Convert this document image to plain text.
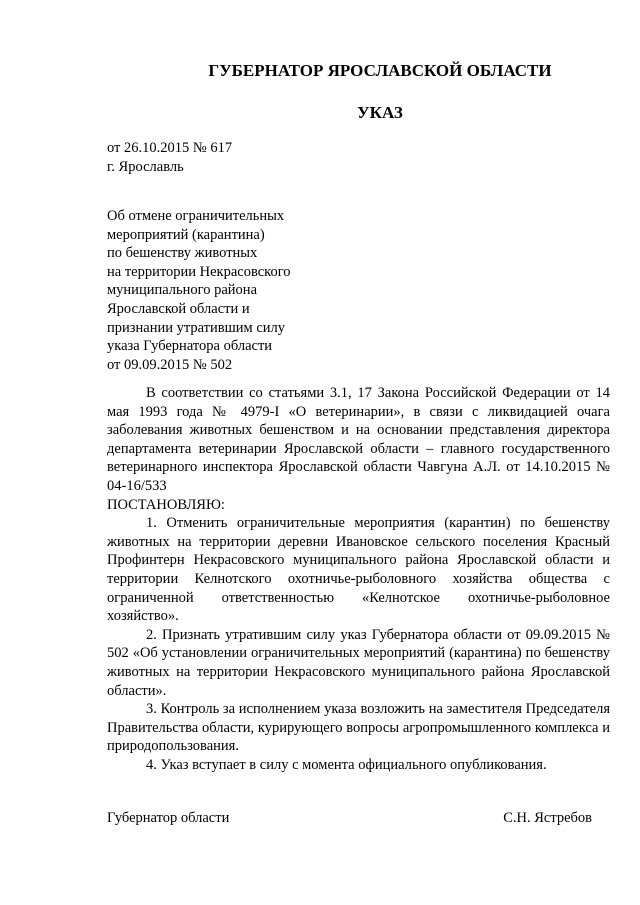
ГУБЕРНАТОР ЯРОСЛАВСКОЙ ОБЛАСТИ
УКАЗ
от 26.10.2015 № 617
г. Ярославль
Об отмене ограничительных
мероприятий (карантина)
по бешенству животных
на территории Некрасовского
муниципального района
Ярославской области и
признании утратившим силу
указа Губернатора области
от 09.09.2015 № 502
В соответствии со статьями 3.1, 17 Закона Российской Федерации от 14 мая 1993 года № 4979-I «О ветеринарии», в связи с ликвидацией очага заболевания животных бешенством и на основании представления директора департамента ветеринарии Ярославской области – главного государственного ветеринарного инспектора Ярославской области Чавгуна А.Л. от 14.10.2015 № 04-16/533
ПОСТАНОВЛЯЮ:
1. Отменить ограничительные мероприятия (карантин) по бешенству животных на территории деревни Ивановское сельского поселения Красный Профинтерн Некрасовского муниципального района Ярославской области и территории Келнотского охотничье-рыболовного хозяйства общества с ограниченной ответственностью «Келнотское охотничье-рыболовное хозяйство».
2. Признать утратившим силу указ Губернатора области от 09.09.2015 № 502 «Об установлении ограничительных мероприятий (карантина) по бешенству животных на территории Некрасовского муниципального района Ярославской области».
3. Контроль за исполнением указа возложить на заместителя Председателя Правительства области, курирующего вопросы агропромышленного комплекса и природопользования.
4. Указ вступает в силу с момента официального опубликования.
Губернатор области	С.Н. Ястребов
